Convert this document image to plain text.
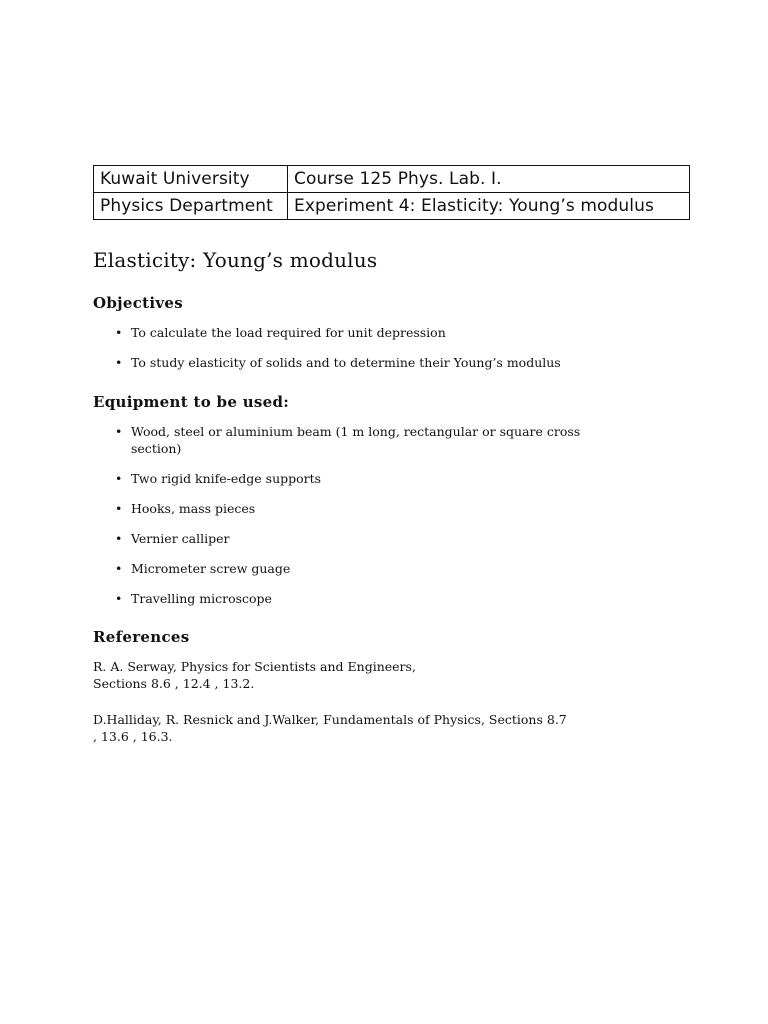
Kuwait University	Course 125 Phys. Lab. I.
Physics Department	Experiment 4: Elasticity: Young’s modulus
Elasticity: Young’s modulus
Objectives
• To calculate the load required for unit depression
• To study elasticity of solids and to determine their Young’s modulus
Equipment to be used:
• Wood, steel or aluminium beam (1 m long, rectangular or square cross section)
• Two rigid knife-edge supports
• Hooks, mass pieces
• Vernier calliper
• Micrometer screw guage
• Travelling microscope
References
R. A. Serway, Physics for Scientists and Engineers,
Sections 8.6 , 12.4 , 13.2.
D.Halliday, R. Resnick and J.Walker, Fundamentals of Physics, Sections 8.7
, 13.6 , 16.3.
